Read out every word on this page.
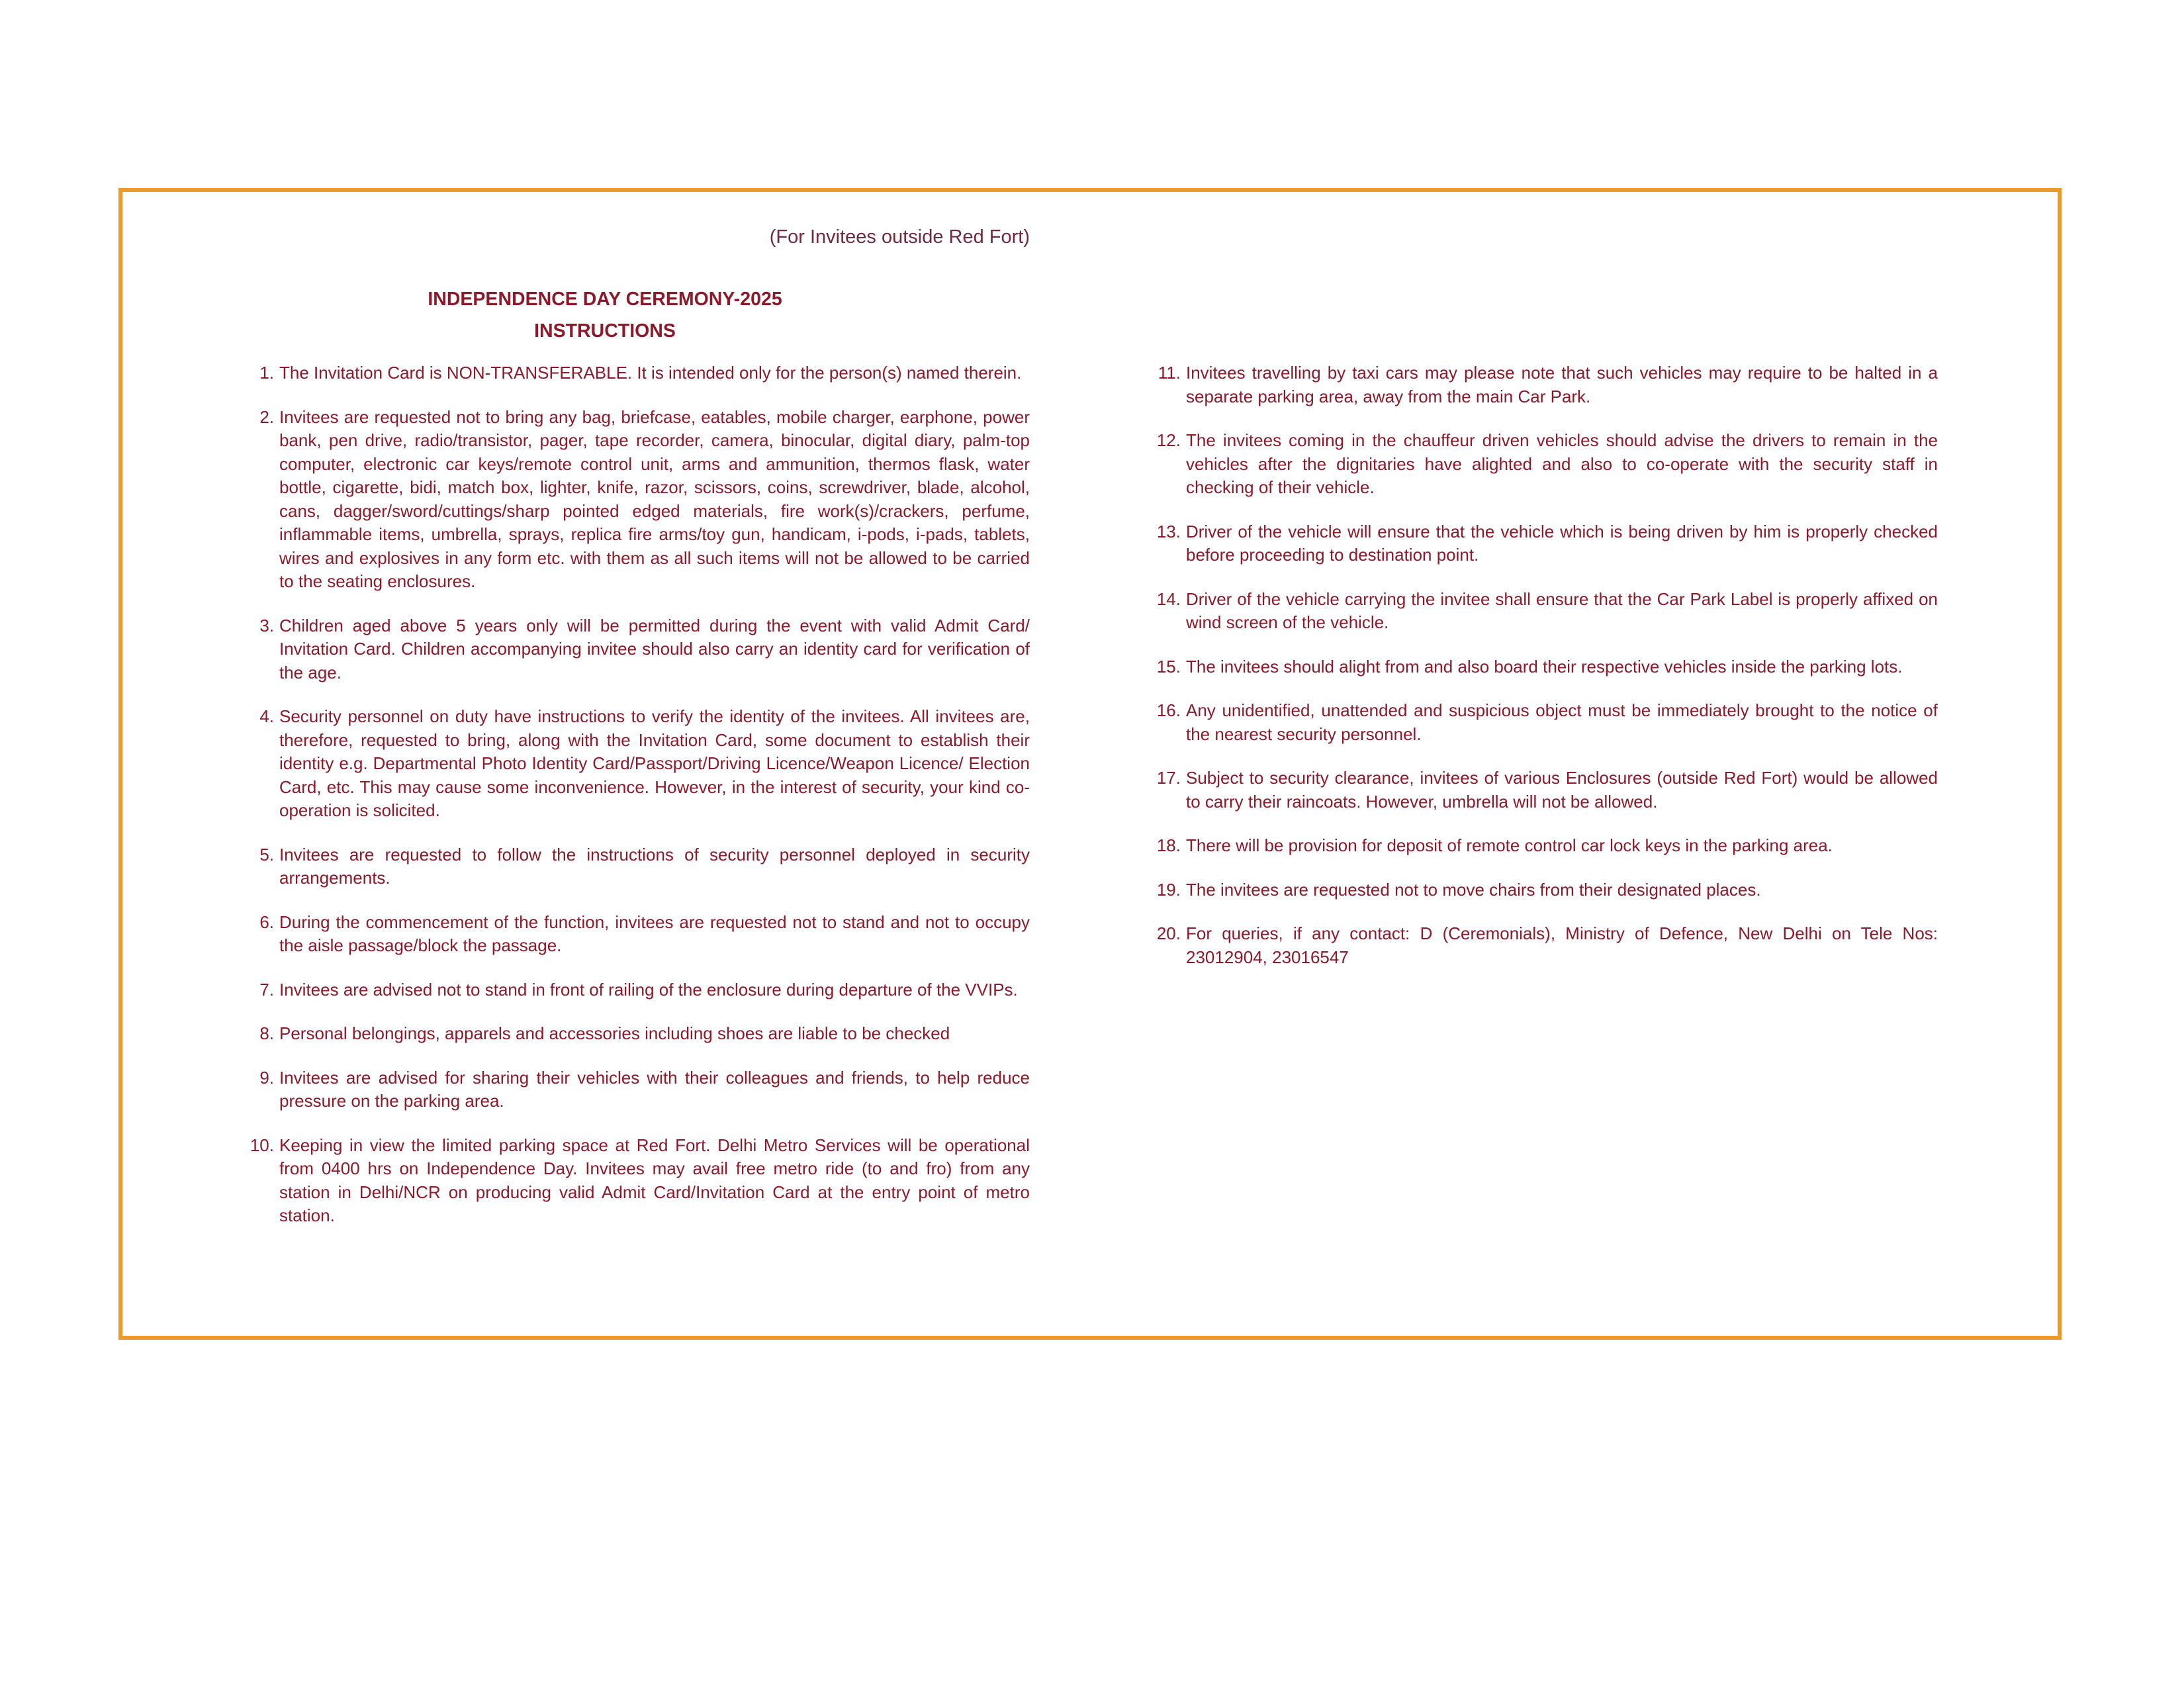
(For Invitees outside Red Fort)
INDEPENDENCE DAY CEREMONY-2025
INSTRUCTIONS
1. The Invitation Card is NON-TRANSFERABLE. It is intended only for the person(s) named therein.
2. Invitees are requested not to bring any bag, briefcase, eatables, mobile charger, earphone, power bank, pen drive, radio/transistor, pager, tape recorder, camera, binocular, digital diary, palm-top computer, electronic car keys/remote control unit, arms and ammunition, thermos flask, water bottle, cigarette, bidi, match box, lighter, knife, razor, scissors, coins, screwdriver, blade, alcohol, cans, dagger/sword/cuttings/sharp pointed edged materials, fire work(s)/crackers, perfume, inflammable items, umbrella, sprays, replica fire arms/toy gun, handicam, i-pods, i-pads, tablets, wires and explosives in any form etc. with them as all such items will not be allowed to be carried to the seating enclosures.
3. Children aged above 5 years only will be permitted during the event with valid Admit Card/ Invitation Card. Children accompanying invitee should also carry an identity card for verification of the age.
4. Security personnel on duty have instructions to verify the identity of the invitees. All invitees are, therefore, requested to bring, along with the Invitation Card, some document to establish their identity e.g. Departmental Photo Identity Card/Passport/Driving Licence/Weapon Licence/ Election Card, etc. This may cause some inconvenience. However, in the interest of security, your kind co-operation is solicited.
5. Invitees are requested to follow the instructions of security personnel deployed in security arrangements.
6. During the commencement of the function, invitees are requested not to stand and not to occupy the aisle passage/block the passage.
7. Invitees are advised not to stand in front of railing of the enclosure during departure of the VVIPs.
8. Personal belongings, apparels and accessories including shoes are liable to be checked
9. Invitees are advised for sharing their vehicles with their colleagues and friends, to help reduce pressure on the parking area.
10. Keeping in view the limited parking space at Red Fort. Delhi Metro Services will be operational from 0400 hrs on Independence Day. Invitees may avail free metro ride (to and fro) from any station in Delhi/NCR on producing valid Admit Card/Invitation Card at the entry point of metro station.
11. Invitees travelling by taxi cars may please note that such vehicles may require to be halted in a separate parking area, away from the main Car Park.
12. The invitees coming in the chauffeur driven vehicles should advise the drivers to remain in the vehicles after the dignitaries have alighted and also to co-operate with the security staff in checking of their vehicle.
13. Driver of the vehicle will ensure that the vehicle which is being driven by him is properly checked before proceeding to destination point.
14. Driver of the vehicle carrying the invitee shall ensure that the Car Park Label is properly affixed on wind screen of the vehicle.
15. The invitees should alight from and also board their respective vehicles inside the parking lots.
16. Any unidentified, unattended and suspicious object must be immediately brought to the notice of the nearest security personnel.
17. Subject to security clearance, invitees of various Enclosures (outside Red Fort) would be allowed to carry their raincoats. However, umbrella will not be allowed.
18. There will be provision for deposit of remote control car lock keys in the parking area.
19. The invitees are requested not to move chairs from their designated places.
20. For queries, if any contact: D (Ceremonials), Ministry of Defence, New Delhi on Tele Nos: 23012904, 23016547
